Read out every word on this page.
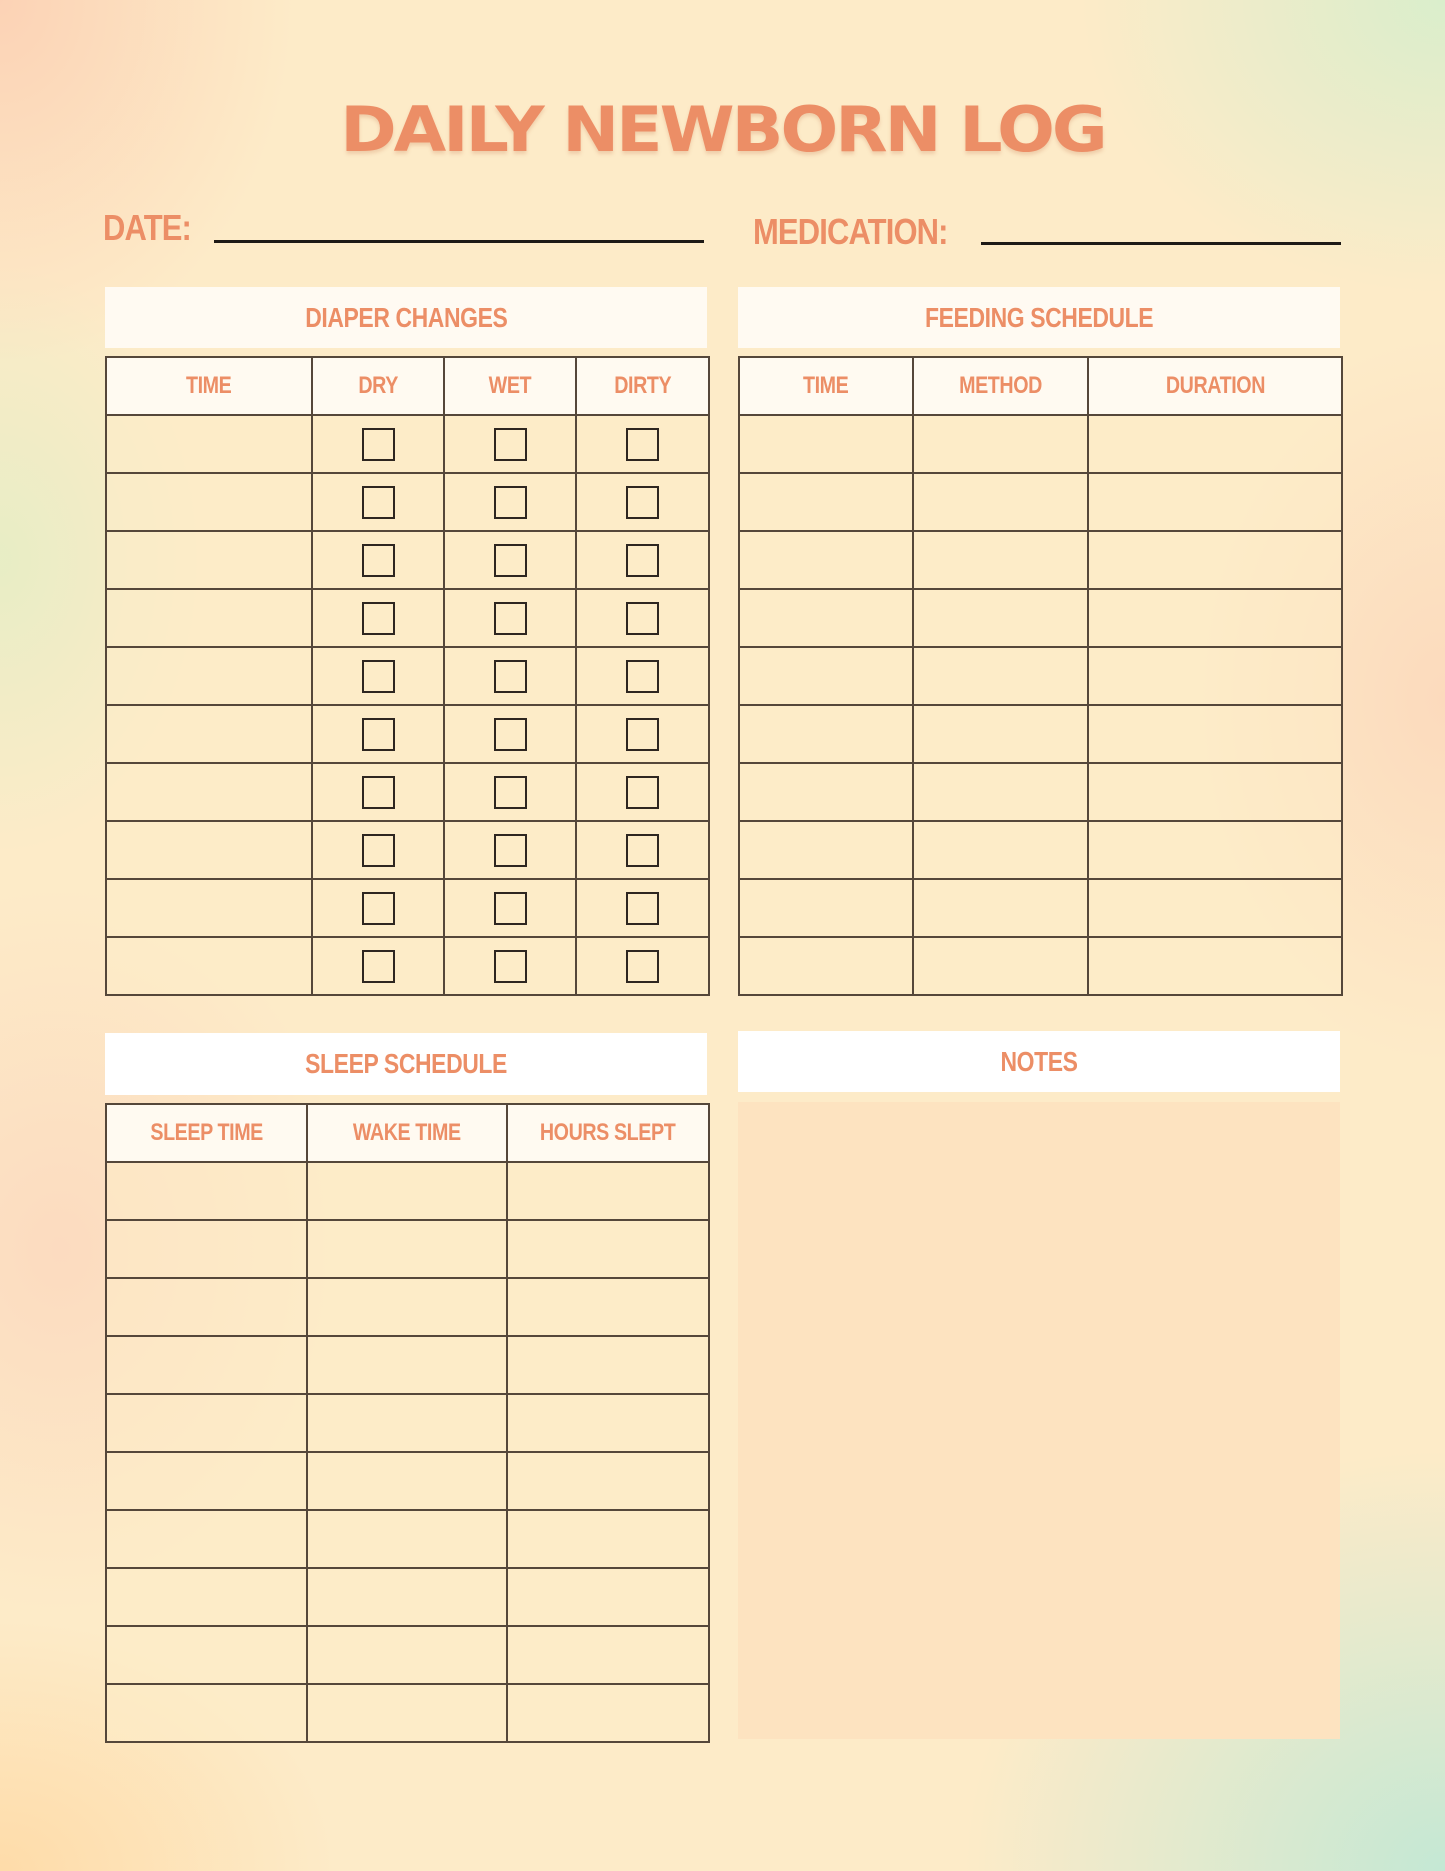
DAILY NEWBORN LOG
DATE:	MEDICATION:
DIAPER CHANGES
TIME	DRY	WET	DIRTY

FEEDING SCHEDULE
TIME	METHOD	DURATION

SLEEP SCHEDULE
SLEEP TIME	WAKE TIME	HOURS SLEPT

NOTES
